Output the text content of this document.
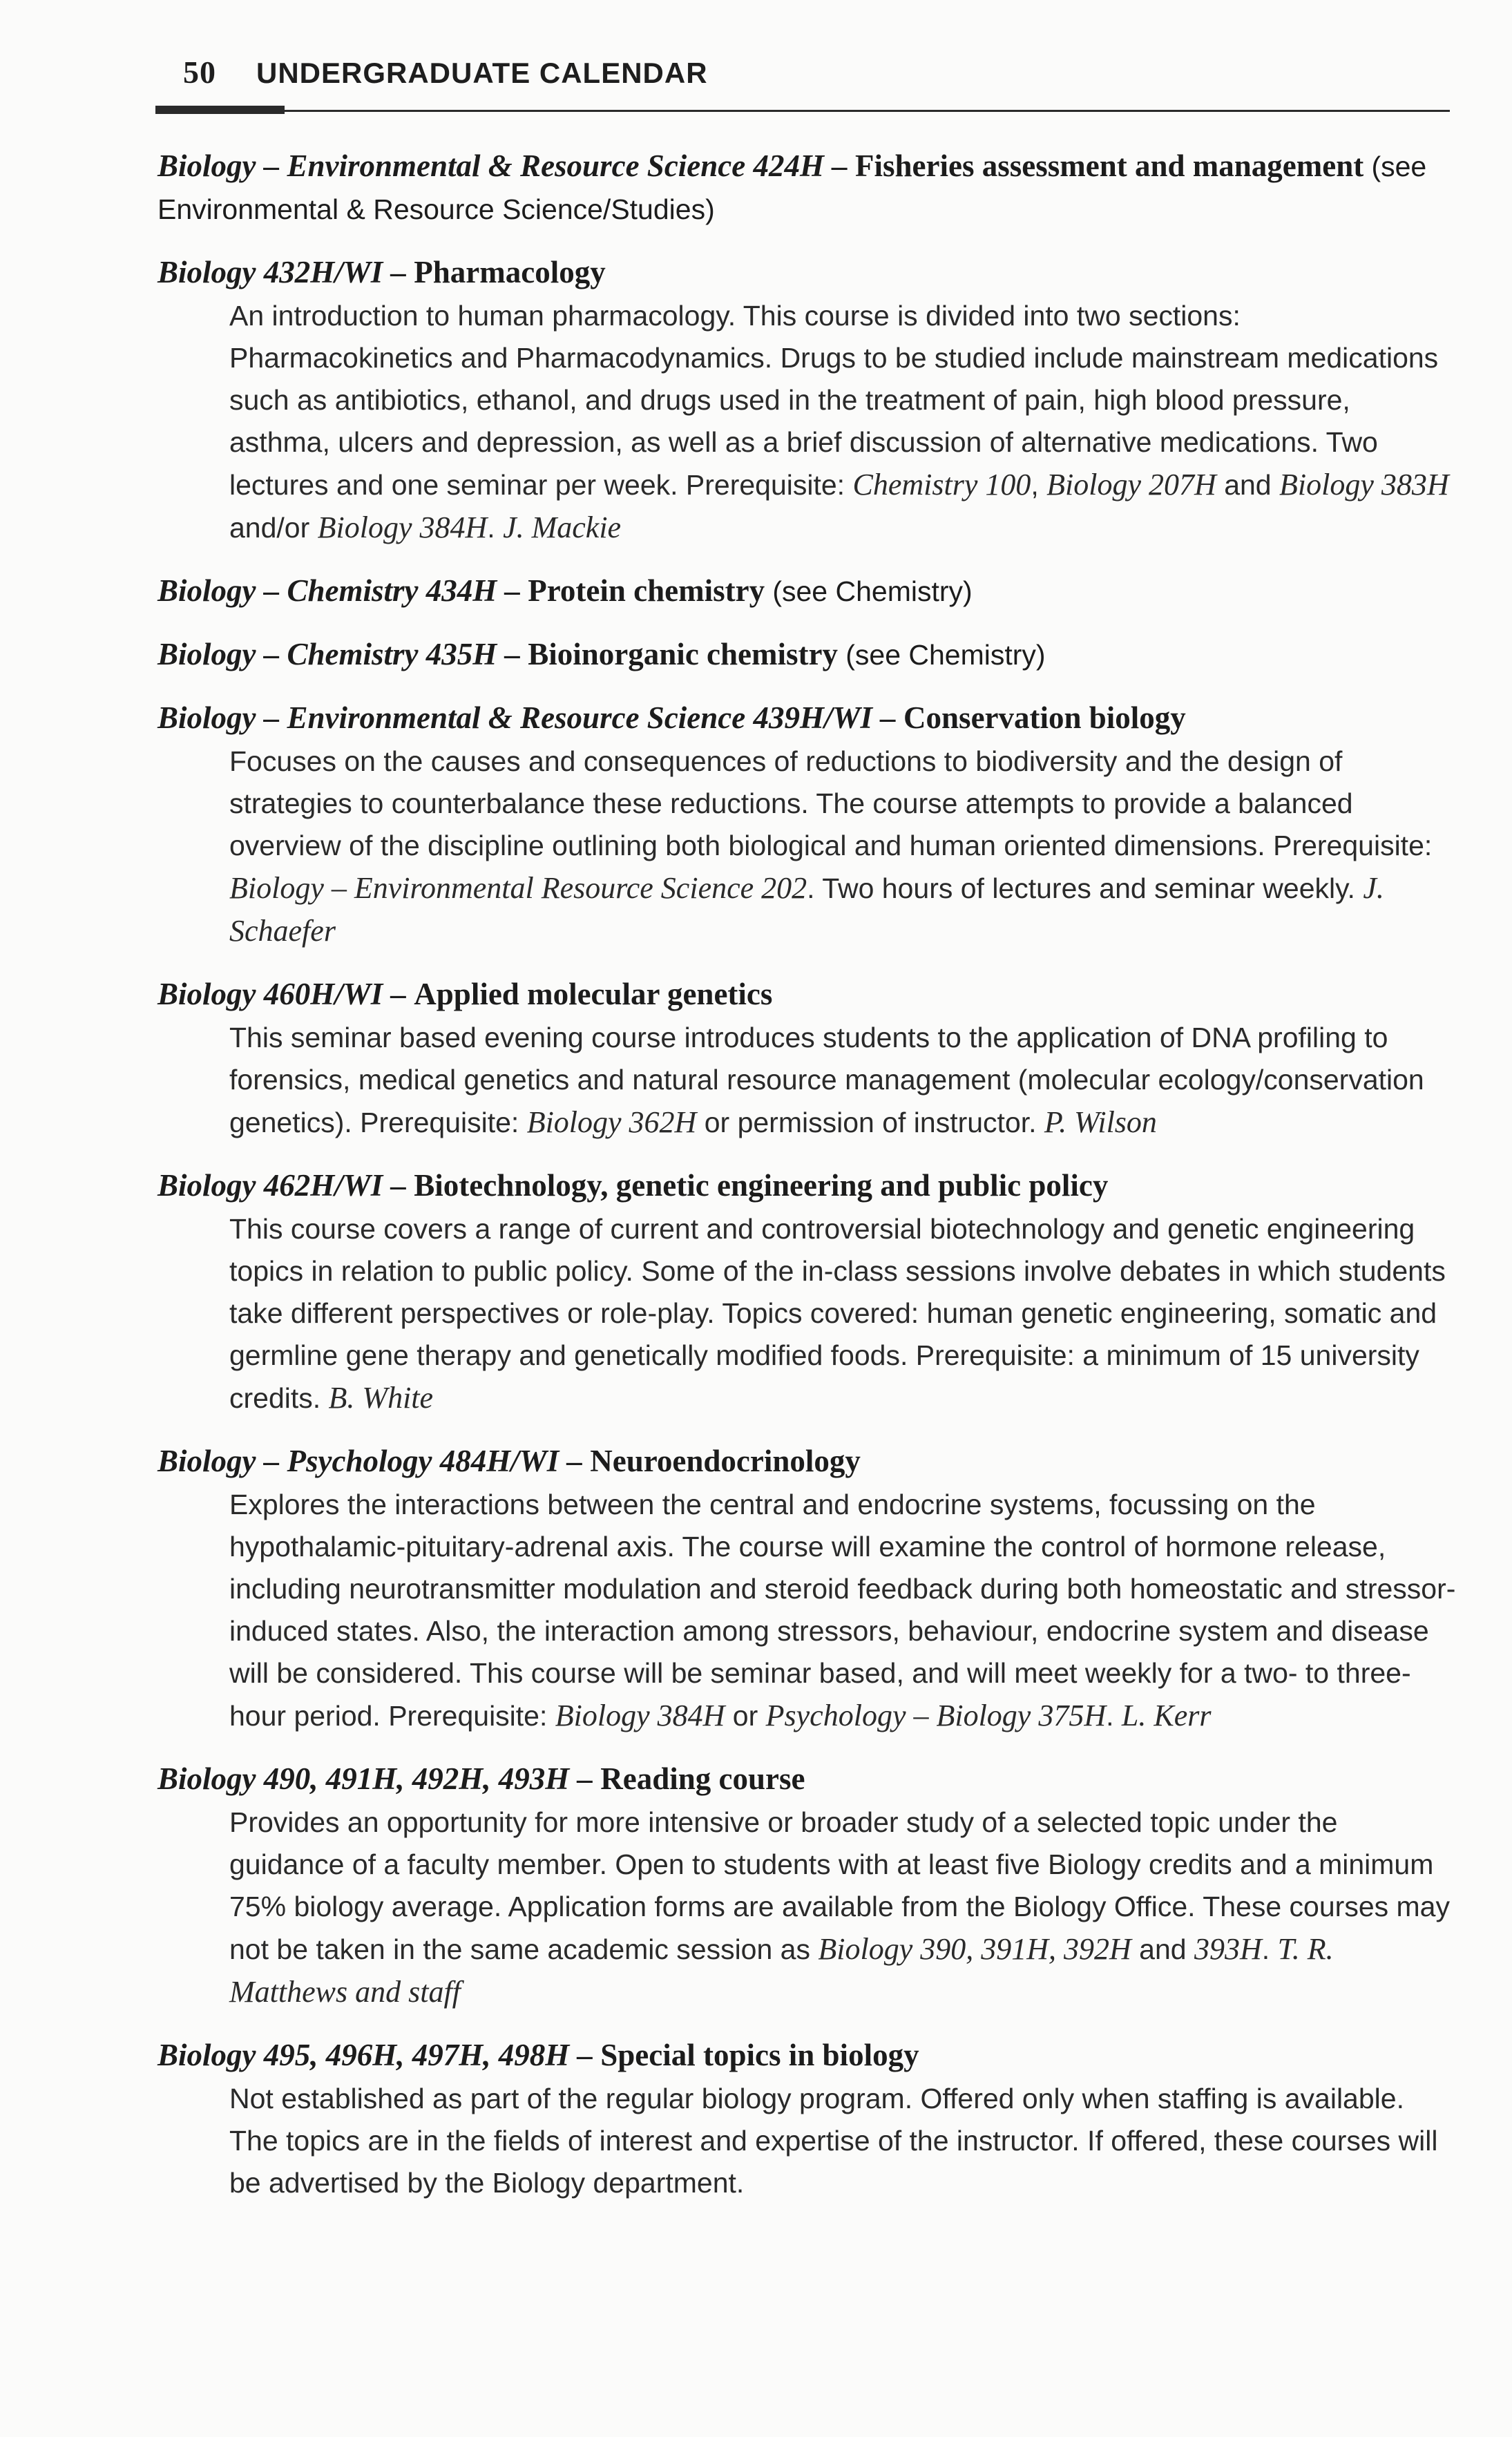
50 UNDERGRADUATE CALENDAR
Biology – Environmental & Resource Science 424H – Fisheries assessment and management (see Environmental & Resource Science/Studies)
Biology 432H/WI – Pharmacology
An introduction to human pharmacology. This course is divided into two sections: Pharmacokinetics and Pharmacodynamics. Drugs to be studied include mainstream medications such as antibiotics, ethanol, and drugs used in the treatment of pain, high blood pressure, asthma, ulcers and depression, as well as a brief discussion of alternative medications. Two lectures and one seminar per week. Prerequisite: Chemistry 100, Biology 207H and Biology 383H and/or Biology 384H. J. Mackie
Biology – Chemistry 434H – Protein chemistry (see Chemistry)
Biology – Chemistry 435H – Bioinorganic chemistry (see Chemistry)
Biology – Environmental & Resource Science 439H/WI – Conservation biology
Focuses on the causes and consequences of reductions to biodiversity and the design of strategies to counterbalance these reductions. The course attempts to provide a balanced overview of the discipline outlining both biological and human oriented dimensions. Prerequisite: Biology – Environmental Resource Science 202. Two hours of lectures and seminar weekly. J. Schaefer
Biology 460H/WI – Applied molecular genetics
This seminar based evening course introduces students to the application of DNA profiling to forensics, medical genetics and natural resource management (molecular ecology/conservation genetics). Prerequisite: Biology 362H or permission of instructor. P. Wilson
Biology 462H/WI – Biotechnology, genetic engineering and public policy
This course covers a range of current and controversial biotechnology and genetic engineering topics in relation to public policy. Some of the in-class sessions involve debates in which students take different perspectives or role-play. Topics covered: human genetic engineering, somatic and germline gene therapy and genetically modified foods. Prerequisite: a minimum of 15 university credits. B. White
Biology – Psychology 484H/WI – Neuroendocrinology
Explores the interactions between the central and endocrine systems, focussing on the hypothalamic-pituitary-adrenal axis. The course will examine the control of hormone release, including neurotransmitter modulation and steroid feedback during both homeostatic and stressor-induced states. Also, the interaction among stressors, behaviour, endocrine system and disease will be considered. This course will be seminar based, and will meet weekly for a two- to three-hour period. Prerequisite: Biology 384H or Psychology – Biology 375H. L. Kerr
Biology 490, 491H, 492H, 493H – Reading course
Provides an opportunity for more intensive or broader study of a selected topic under the guidance of a faculty member. Open to students with at least five Biology credits and a minimum 75% biology average. Application forms are available from the Biology Office. These courses may not be taken in the same academic session as Biology 390, 391H, 392H and 393H. T. R. Matthews and staff
Biology 495, 496H, 497H, 498H – Special topics in biology
Not established as part of the regular biology program. Offered only when staffing is available. The topics are in the fields of interest and expertise of the instructor. If offered, these courses will be advertised by the Biology department.
